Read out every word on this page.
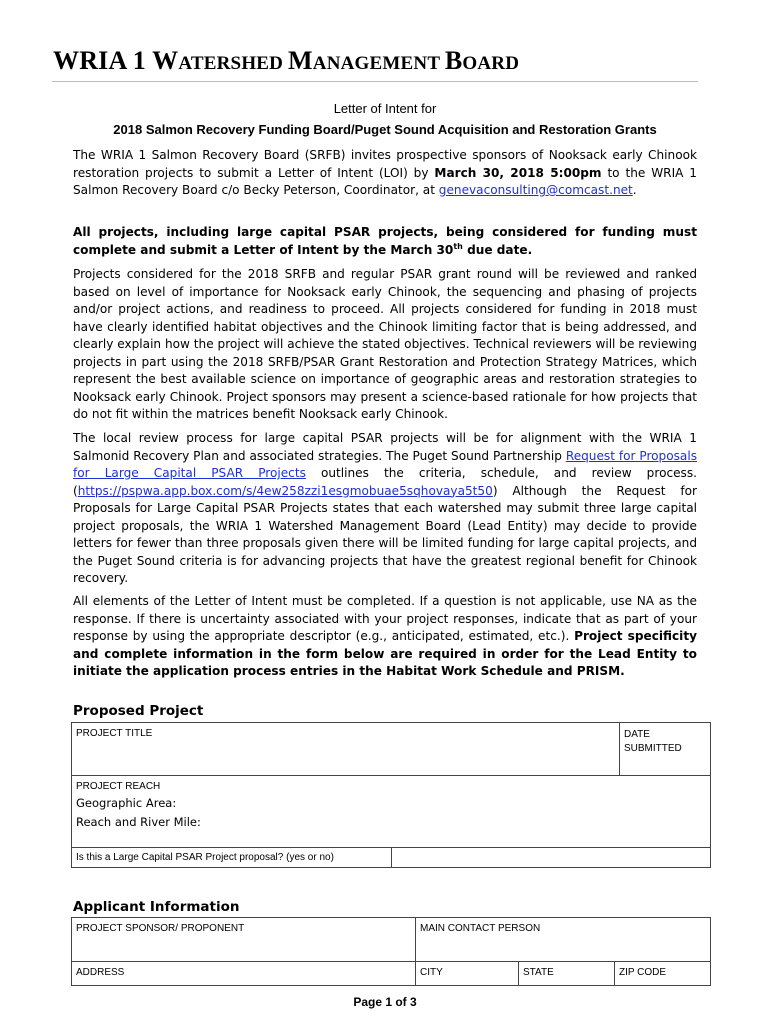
WRIA 1 WATERSHED MANAGEMENT BOARD
Letter of Intent for
2018 Salmon Recovery Funding Board/Puget Sound Acquisition and Restoration Grants

The WRIA 1 Salmon Recovery Board (SRFB) invites prospective sponsors of Nooksack early Chinook restoration projects to submit a Letter of Intent (LOI) by March 30, 2018 5:00pm to the WRIA 1 Salmon Recovery Board c/o Becky Peterson, Coordinator, at genevaconsulting@comcast.net.

All projects, including large capital PSAR projects, being considered for funding must complete and submit a Letter of Intent by the March 30th due date.

Projects considered for the 2018 SRFB and regular PSAR grant round will be reviewed and ranked based on level of importance for Nooksack early Chinook, the sequencing and phasing of projects and/or project actions, and readiness to proceed. All projects considered for funding in 2018 must have clearly identified habitat objectives and the Chinook limiting factor that is being addressed, and clearly explain how the project will achieve the stated objectives. Technical reviewers will be reviewing projects in part using the 2018 SRFB/PSAR Grant Restoration and Protection Strategy Matrices, which represent the best available science on importance of geographic areas and restoration strategies to Nooksack early Chinook. Project sponsors may present a science-based rationale for how projects that do not fit within the matrices benefit Nooksack early Chinook.

The local review process for large capital PSAR projects will be for alignment with the WRIA 1 Salmonid Recovery Plan and associated strategies. The Puget Sound Partnership Request for Proposals for Large Capital PSAR Projects outlines the criteria, schedule, and review process. (https://pspwa.app.box.com/s/4ew258zzi1esgmobuae5sqhovaya5t50) Although the Request for Proposals for Large Capital PSAR Projects states that each watershed may submit three large capital project proposals, the WRIA 1 Watershed Management Board (Lead Entity) may decide to provide letters for fewer than three proposals given there will be limited funding for large capital projects, and the Puget Sound criteria is for advancing projects that have the greatest regional benefit for Chinook recovery.

All elements of the Letter of Intent must be completed. If a question is not applicable, use NA as the response. If there is uncertainty associated with your project responses, indicate that as part of your response by using the appropriate descriptor (e.g., anticipated, estimated, etc.). Project specificity and complete information in the form below are required in order for the Lead Entity to initiate the application process entries in the Habitat Work Schedule and PRISM.

Proposed Project
PROJECT TITLE	DATE SUBMITTED
PROJECT REACH
Geographic Area:
Reach and River Mile:
Is this a Large Capital PSAR Project proposal? (yes or no)
Applicant Information
PROJECT SPONSOR/ PROPONENT	MAIN CONTACT PERSON
ADDRESS	CITY	STATE	ZIP CODE
Page 1 of 3
